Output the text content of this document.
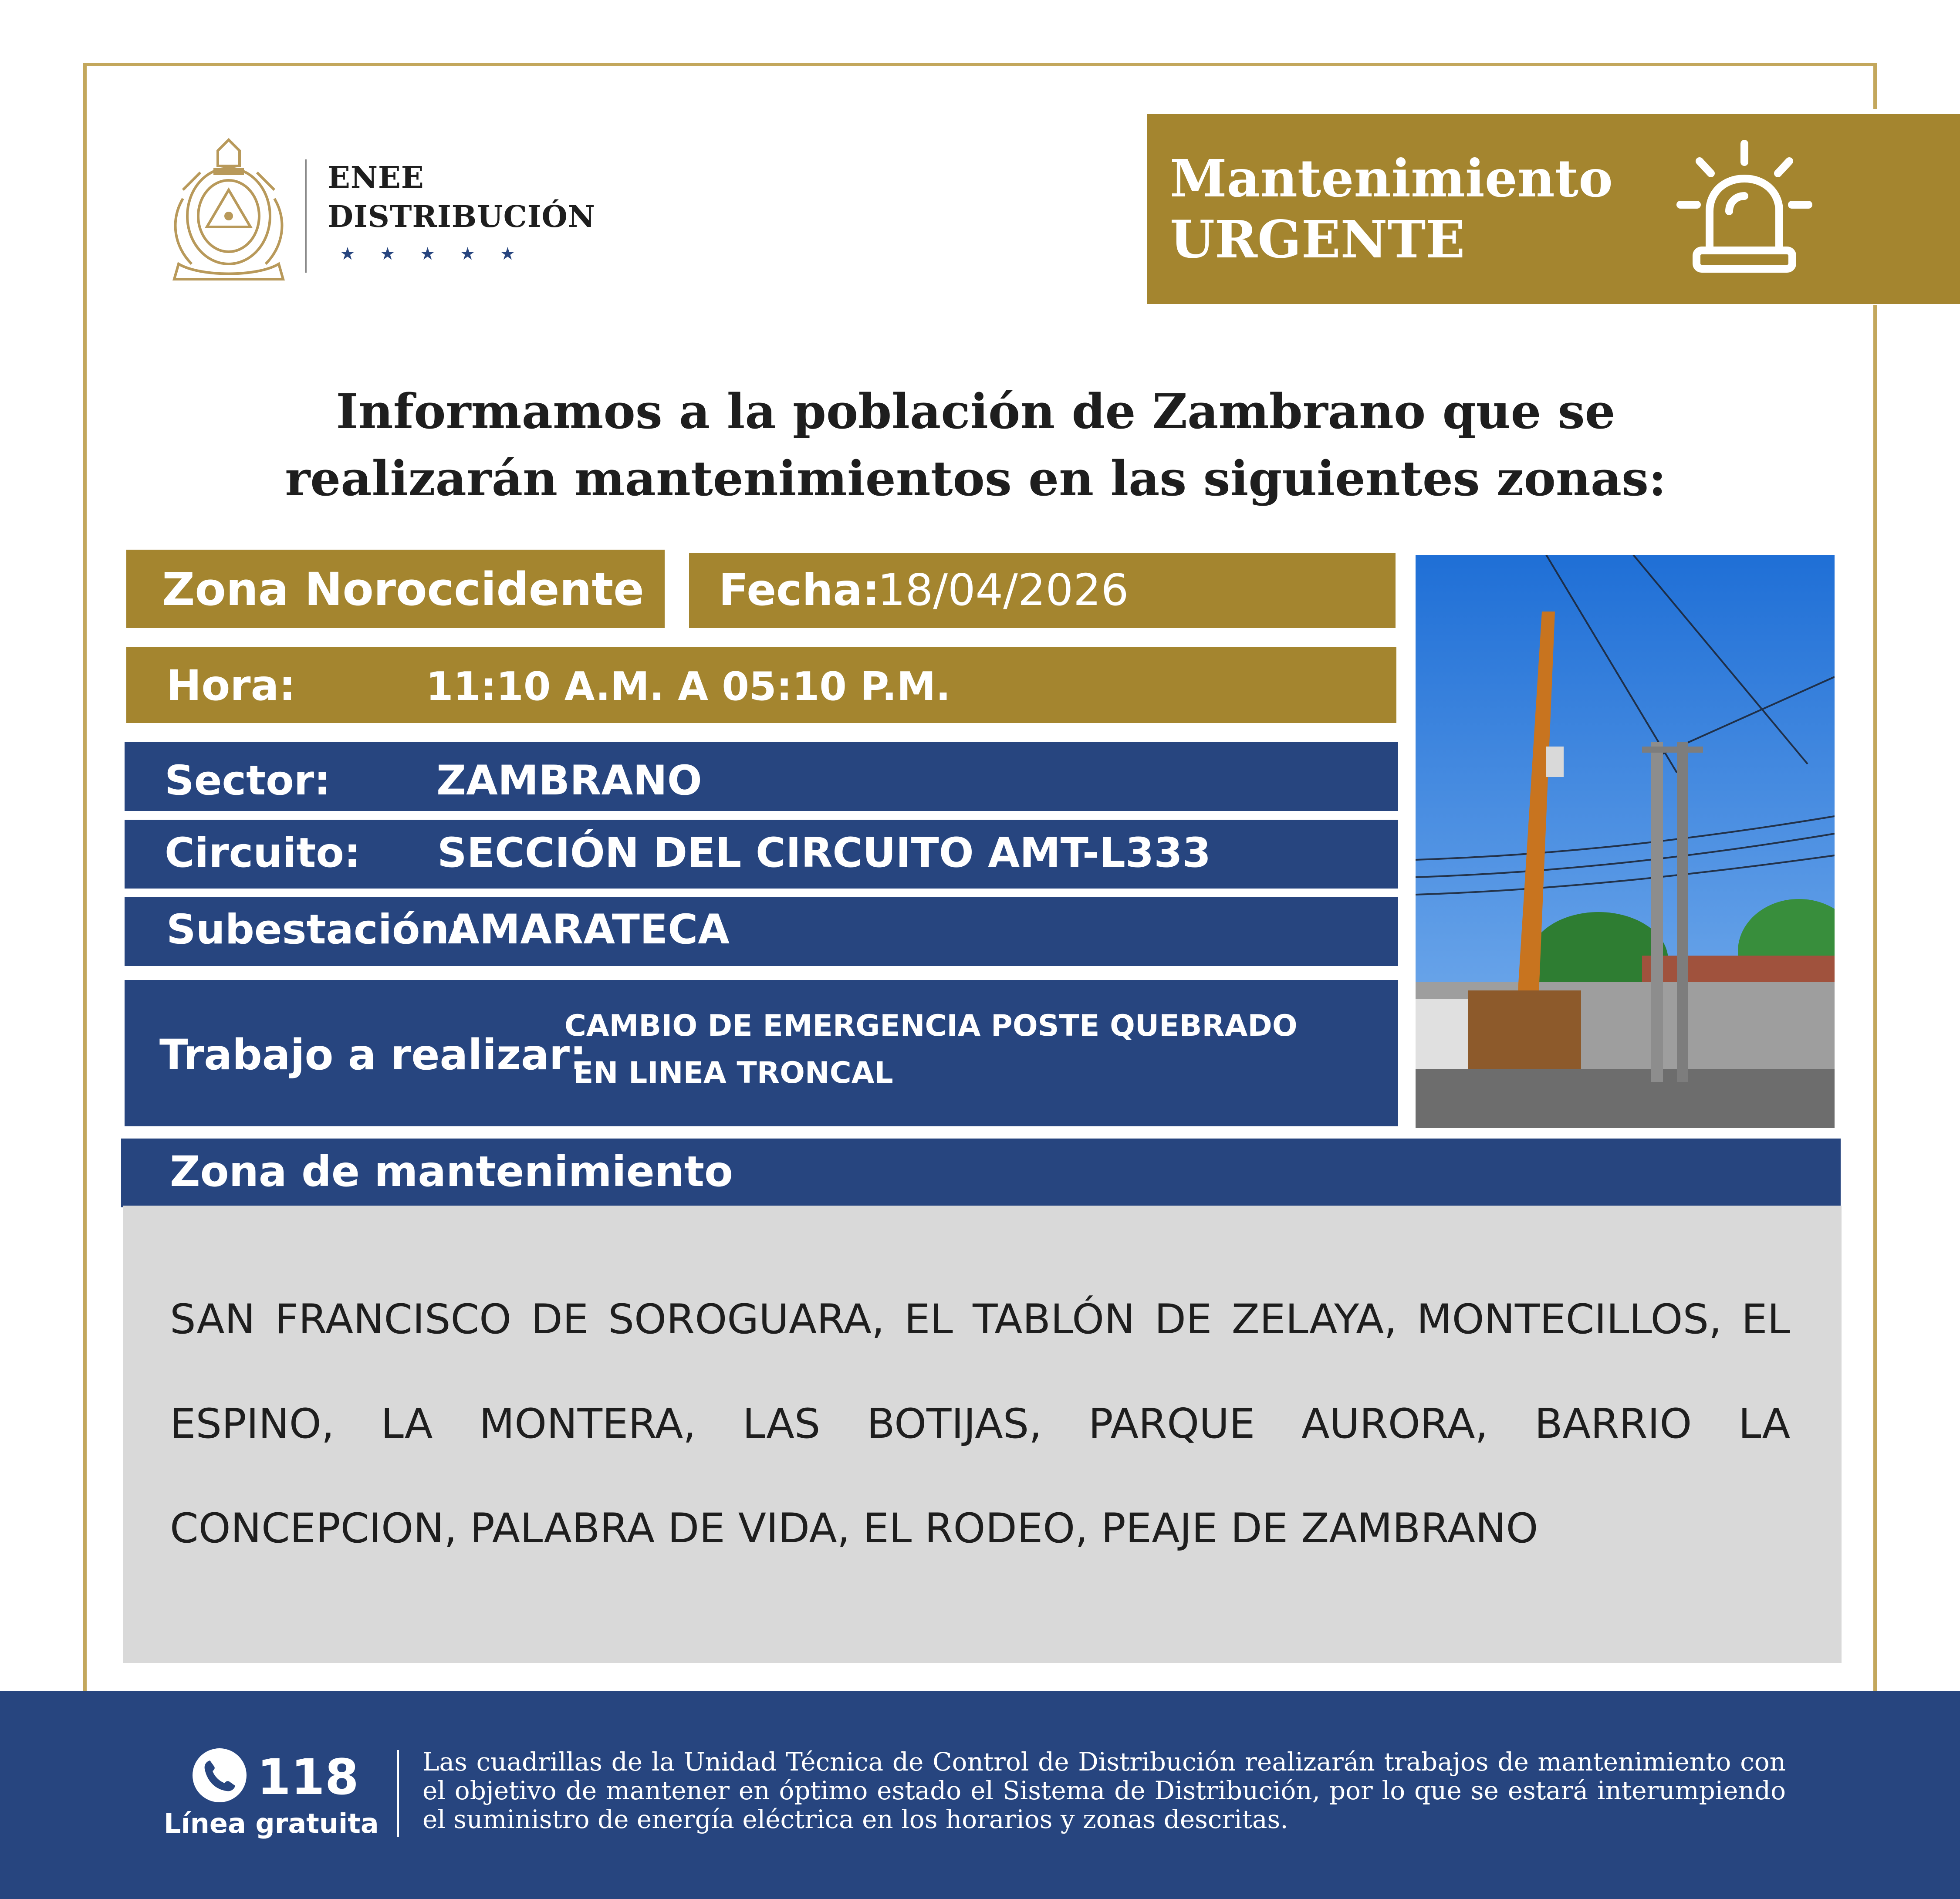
ENEE
DISTRIBUCIÓN
★★★★★
Mantenimiento
URGENTE
Informamos a la población de Zambrano que se
realizarán mantenimientos en las siguientes zonas:
Zona Noroccidente Fecha:
18/04/2026
Hora:	11:10 A.M. A 05:10 P.M.
Sector:	ZAMBRANO
Circuito: SECCIÓN DEL CIRCUITO AMT-L333
Subestación:
AMARATECA
Trabajo a realizar:
CAMBIO DE EMERGENCIA POSTE QUEBRADO
EN LINEA TRONCAL
Zona de mantenimiento
SAN FRANCISCO DE SOROGUARA, EL TABLÓN DE ZELAYA, MONTECILLOS, EL ESPINO, LA MONTERA, LAS BOTIJAS, PARQUE AURORA, BARRIO LA CONCEPCION, PALABRA DE VIDA, EL RODEO, PEAJE DE ZAMBRANO
118
Línea gratuita
Las cuadrillas de la Unidad Técnica de Control de Distribución realizarán trabajos de mantenimiento con el objetivo de mantener en óptimo estado el Sistema de Distribución, por lo que se estará interumpiendo el suministro de energía eléctrica en los horarios y zonas descritas.
